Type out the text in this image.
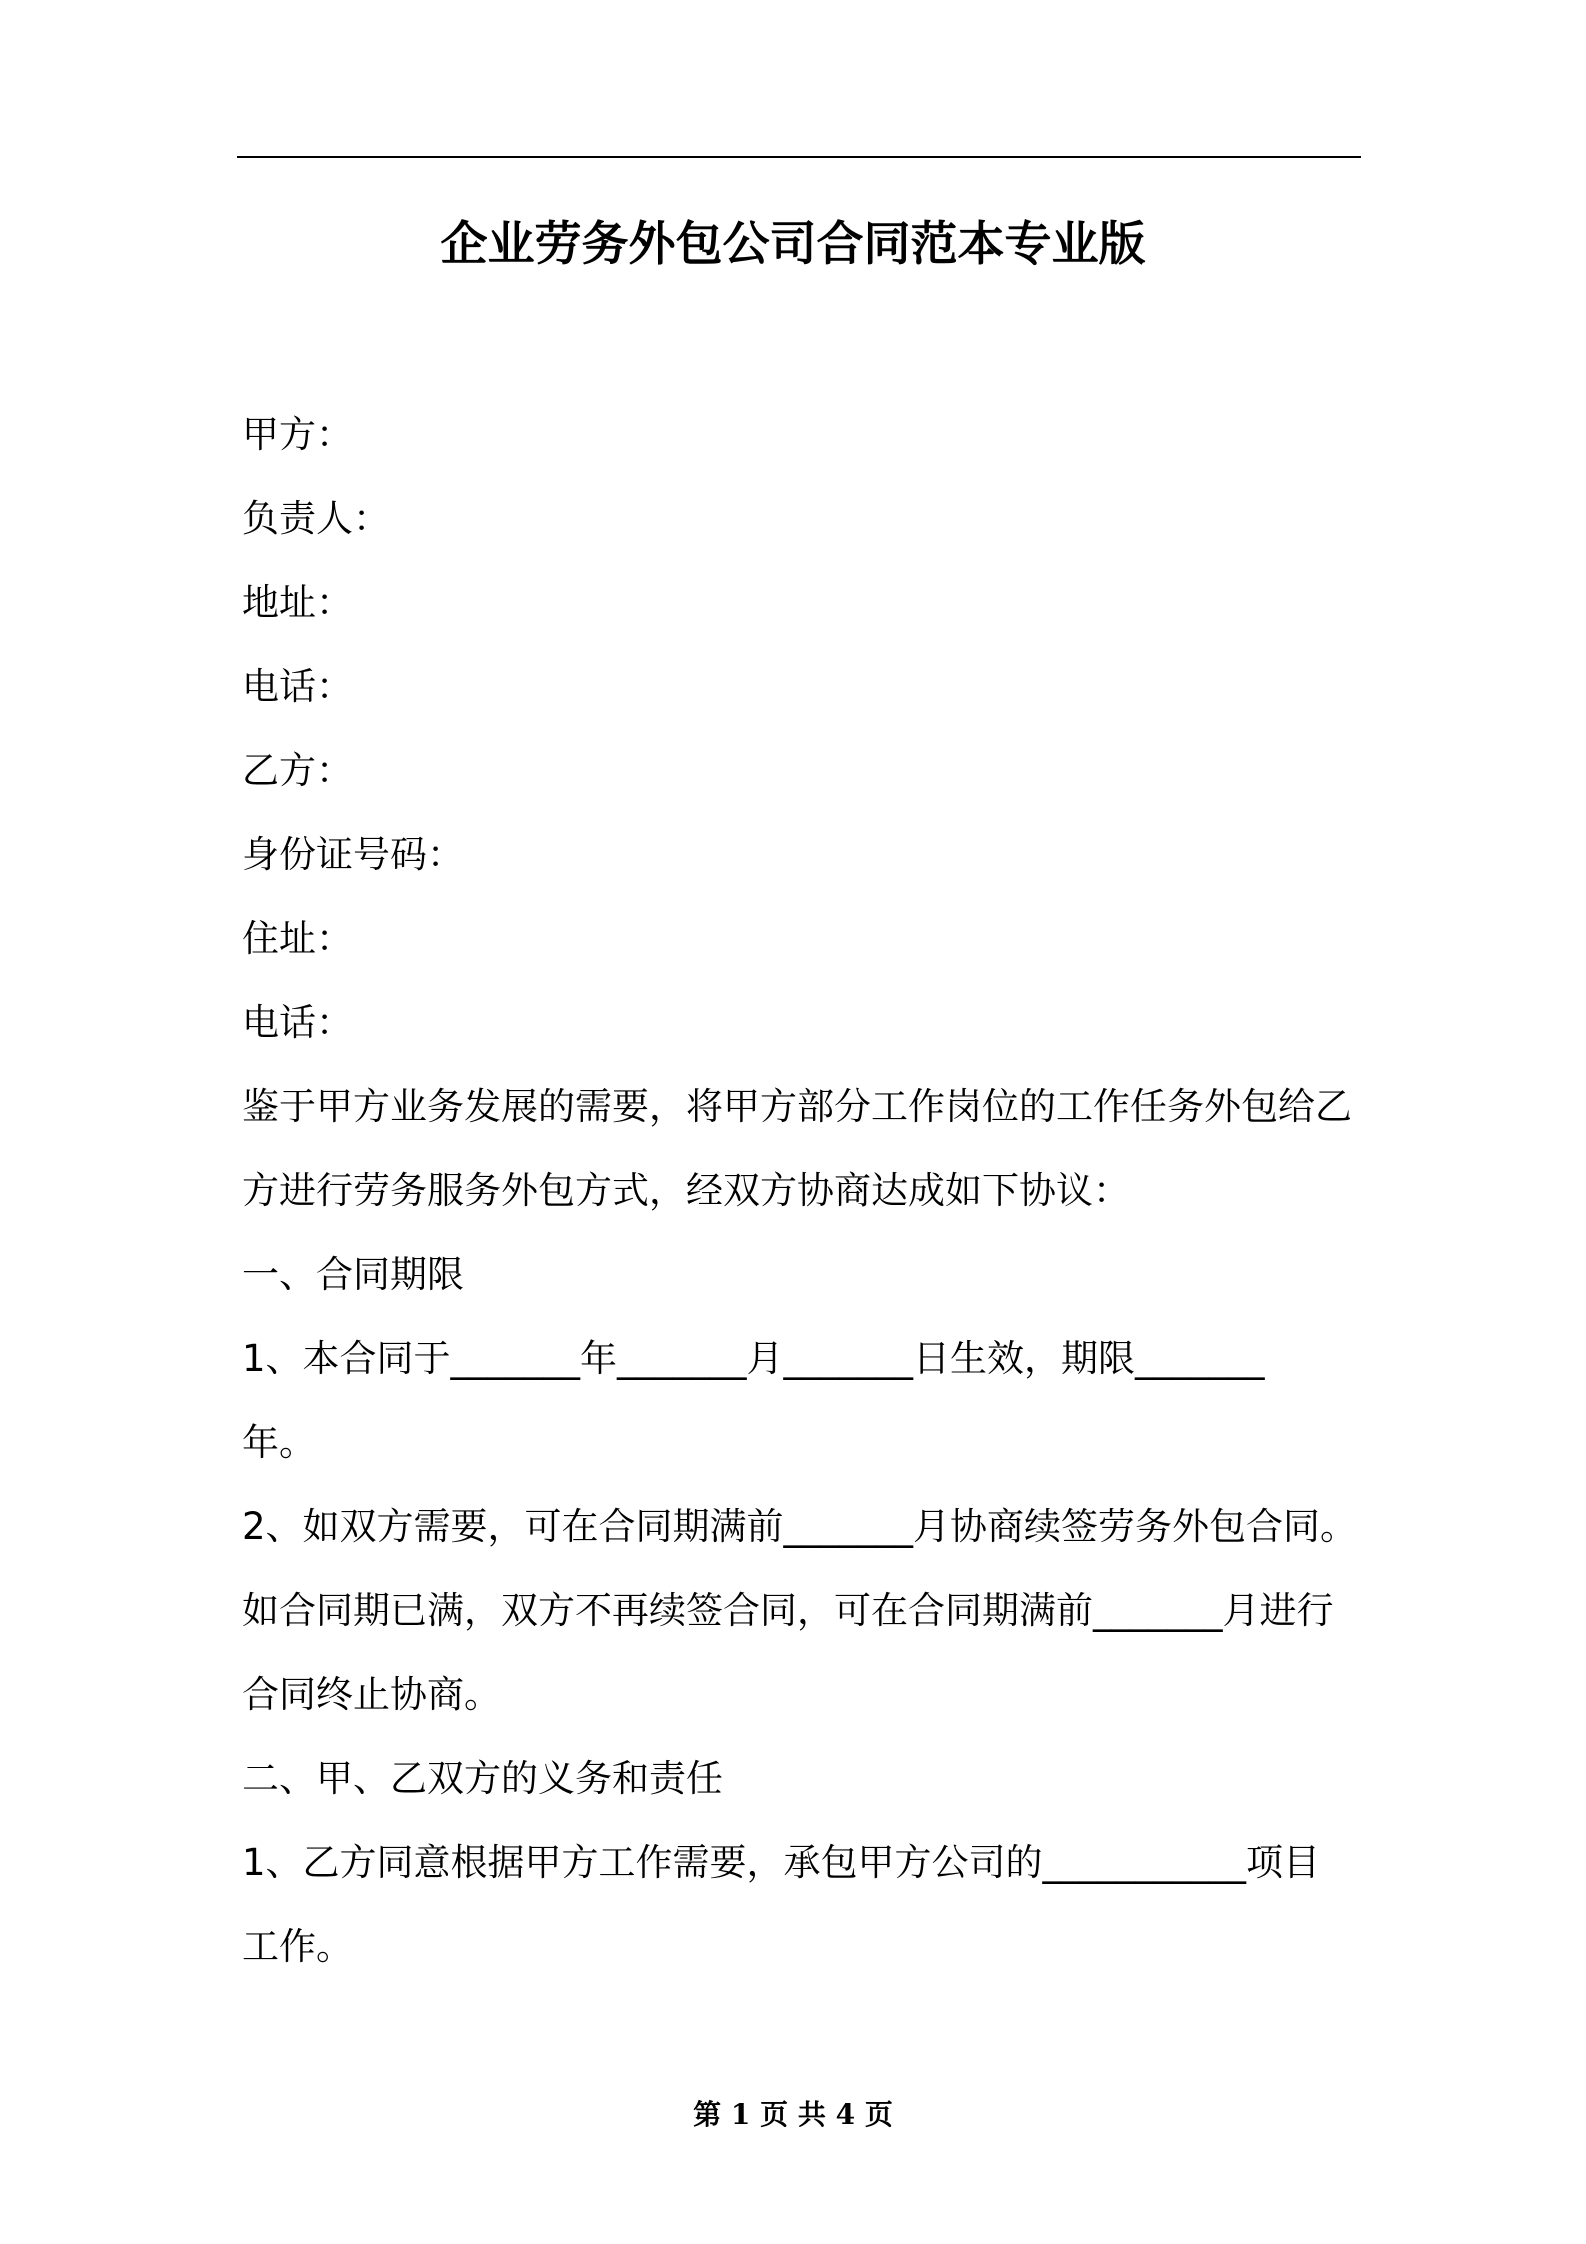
企业劳务外包公司合同范本专业版
甲方：
负责人：
地址：
电话：
乙方：
身份证号码：
住址：
电话：
鉴于甲方业务发展的需要，将甲方部分工作岗位的工作任务外包给乙
方进行劳务服务外包方式，经双方协商达成如下协议：
一、合同期限
1、本合同于_______年_______月_______日生效，期限_______
年。
2、如双方需要，可在合同期满前_______月协商续签劳务外包合同。
如合同期已满，双方不再续签合同，可在合同期满前_______月进行
合同终止协商。
二、甲、乙双方的义务和责任
1、乙方同意根据甲方工作需要，承包甲方公司的___________项目
工作。
第 1 页 共 4 页
